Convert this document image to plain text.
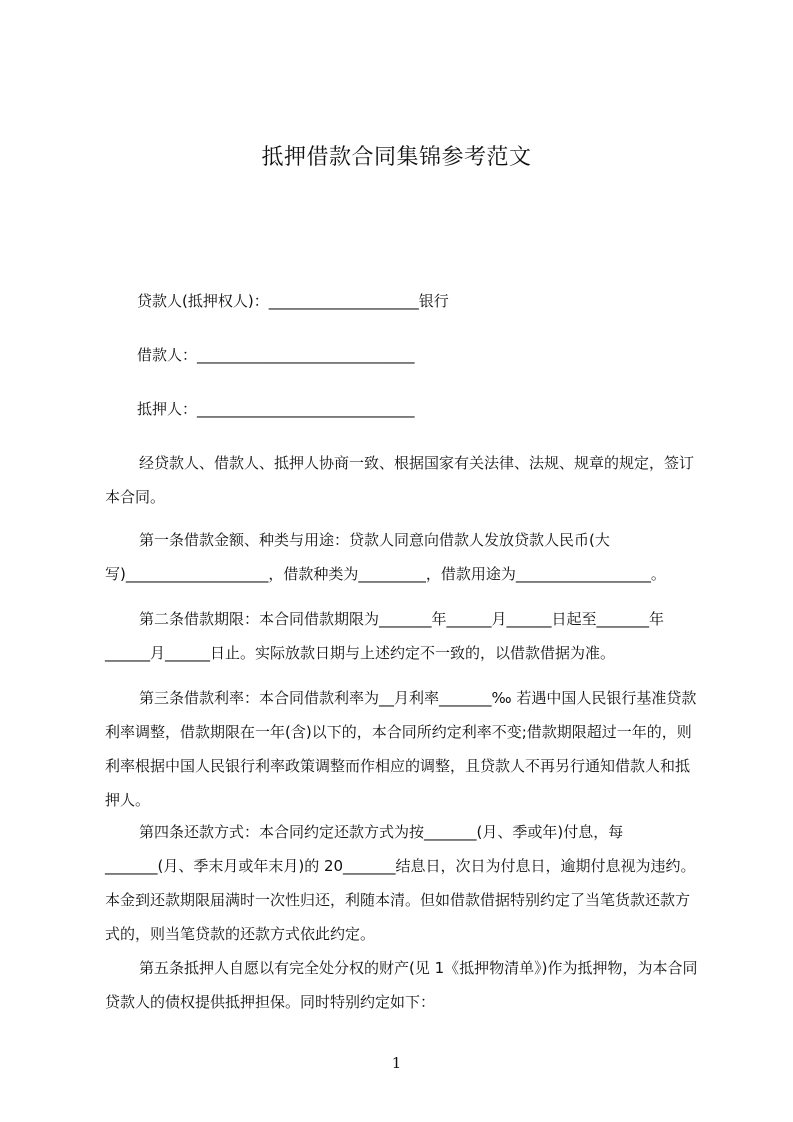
抵押借款合同集锦参考范文
贷款人(抵押权人)：____________________银行
借款人：_____________________________
抵押人：_____________________________
经贷款人、借款人、抵押人协商一致、根据国家有关法律、法规、规章的规定，签订本合同。
第一条借款金额、种类与用途：贷款人同意向借款人发放贷款人民币(大写)___________________，借款种类为_________，借款用途为__________________。
第二条借款期限：本合同借款期限为_______年______月______日起至_______年______月______日止。实际放款日期与上述约定不一致的，以借款借据为准。
第三条借款利率：本合同借款利率为__月利率_______‰ 若遇中国人民银行基准贷款利率调整，借款期限在一年(含)以下的，本合同所约定利率不变;借款期限超过一年的，则利率根据中国人民银行利率政策调整而作相应的调整，且贷款人不再另行通知借款人和抵押人。
第四条还款方式：本合同约定还款方式为按_______(月、季或年)付息，每_______(月、季末月或年末月)的 20_______结息日，次日为付息日，逾期付息视为违约。本金到还款期限届满时一次性归还，利随本清。但如借款借据特别约定了当笔货款还款方式的，则当笔贷款的还款方式依此约定。
第五条抵押人自愿以有完全处分权的财产(见 1《抵押物清单》)作为抵押物，为本合同贷款人的债权提供抵押担保。同时特别约定如下：
1
